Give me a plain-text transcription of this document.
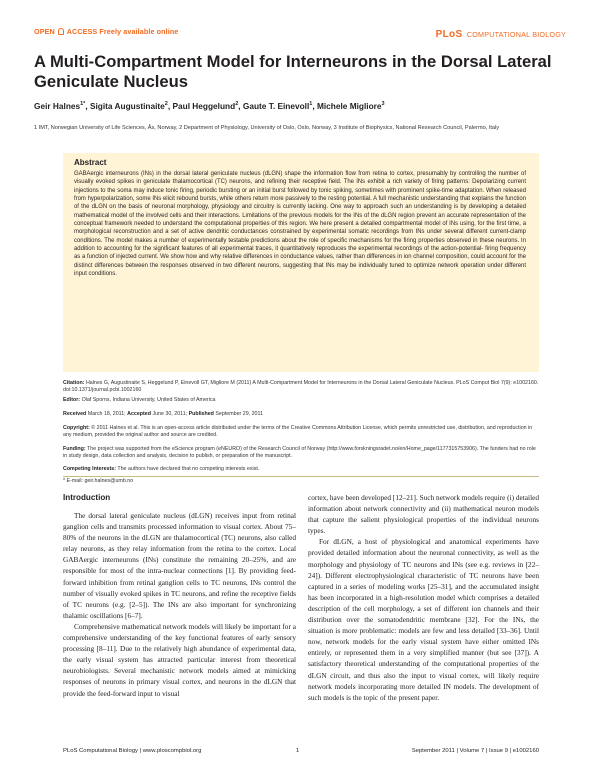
OPEN ACCESS Freely available online	PLoS COMPUTATIONAL BIOLOGY
A Multi-Compartment Model for Interneurons in the Dorsal Lateral Geniculate Nucleus
Geir Halnes$^{1*}$, Sigita Augustinaite$^2$, Paul Heggelund$^2$, Gaute T. Einevoll$^1$, Michele Migliore$^3$
1 IMT, Norwegian University of Life Sciences, Ås, Norway, 2 Department of Physiology, University of Oslo, Oslo, Norway, 3 Institute of Biophysics, National Research Council, Palermo, Italy
Abstract
GABAergic interneurons (INs) in the dorsal lateral geniculate nucleus (dLGN) shape the information flow from retina to cortex, presumably by controlling the number of visually evoked spikes in geniculate thalamocortical (TC) neurons, and refining their receptive field. The INs exhibit a rich variety of firing patterns: Depolarizing current injections to the soma may induce tonic firing, periodic bursting or an initial burst followed by tonic spiking, sometimes with prominent spike-time adaptation. When released from hyperpolarization, some INs elicit rebound bursts, while others return more passively to the resting potential. A full mechanistic understanding that explains the function of the dLGN on the basis of neuronal morphology, physiology and circuitry is currently lacking. One way to approach such an understanding is by developing a detailed mathematical model of the involved cells and their interactions. Limitations of the previous models for the INs of the dLGN region prevent an accurate representation of the conceptual framework needed to understand the computational properties of this region. We here present a detailed compartmental model of INs using, for the first time, a morphological reconstruction and a set of active dendritic conductances constrained by experimental somatic recordings from INs under several different current-clamp conditions. The model makes a number of experimentally testable predictions about the role of specific mechanisms for the firing properties observed in these neurons. In addition to accounting for the significant features of all experimental traces, it quantitatively reproduces the experimental recordings of the action-potential- firing frequency as a function of injected current. We show how and why relative differences in conductance values, rather than differences in ion channel composition, could account for the distinct differences between the responses observed in two different neurons, suggesting that INs may be individually tuned to optimize network operation under different input conditions.
Citation: Halnes G, Augustinaite S, Heggelund P, Einevoll GT, Migliore M (2011) A Multi-Compartment Model for Interneurons in the Dorsal Lateral Geniculate Nucleus. PLoS Comput Biol 7(9): e1002160. doi:10.1371/journal.pcbi.1002160
Editor: Olaf Sporns, Indiana University, United States of America
Received March 18, 2011; Accepted June 30, 2011; Published September 29, 2011
Copyright: © 2011 Halnes et al. This is an open-access article distributed under the terms of the Creative Commons Attribution License, which permits unrestricted use, distribution, and reproduction in any medium, provided the original author and source are credited.
Funding: The project was supported from the eScience program (eNEURO) of the Research Council of Norway (http://www.forskningsradet.no/en/Home_page/1177315753906). The funders had no role in study design, data collection and analysis, decision to publish, or preparation of the manuscript.
Competing Interests: The authors have declared that no competing interests exist.
* E-mail: geir.halnes@umb.no
Introduction

The dorsal lateral geniculate nucleus (dLGN) receives input from retinal ganglion cells and transmits processed information to visual cortex. About 75–80% of the neurons in the dLGN are thalamocortical (TC) neurons, also called relay neurons, as they relay information from the retina to the cortex. Local GABAergic interneurons (INs) constitute the remaining 20–25%, and are responsible for most of the intra-nuclear connections [1]. By providing feed-forward inhibition from retinal ganglion cells to TC neurons, INs control the number of visually evoked spikes in TC neurons, and refine the receptive fields of TC neurons (e.g. [2–5]). The INs are also important for synchronizing thalamic oscillations [6–7].

Comprehensive mathematical network models will likely be important for a comprehensive understanding of the key functional features of early sensory processing [8–11]. Due to the relatively high abundance of experimental data, the early visual system has attracted particular interest from theoretical neurobiologists. Several mechanistic network models aimed at mimicking responses of neurons in primary visual cortex, and neurons in the dLGN that provide the feed-forward input to visual

cortex, have been developed [12–21]. Such network models require (i) detailed information about network connectivity and (ii) mathematical neuron models that capture the salient physiological properties of the individual neurons types.

For dLGN, a host of physiological and anatomical experiments have provided detailed information about the neuronal connectivity, as well as the morphology and physiology of TC neurons and INs (see e.g. reviews in [22–24]). Different electrophysiological characteristic of TC neurons have been captured in a series of modeling works [25–31], and the accumulated insight has been incorporated in a high-resolution model which comprises a detailed description of the cell morphology, a set of different ion channels and their distribution over the somatodendritic membrane [32]. For the INs, the situation is more problematic: models are few and less detailed [33–36]. Until now, network models for the early visual system have either omitted INs entirely, or represented them in a very simplified manner (but see [37]). A satisfactory theoretical understanding of the computational properties of the dLGN circuit, and thus also the input to visual cortex, will likely require network models incorporating more detailed IN models. The development of such models is the topic of the present paper.

PLoS Computational Biology | www.ploscompbiol.org	1	September 2011 | Volume 7 | Issue 9 | e1002160
